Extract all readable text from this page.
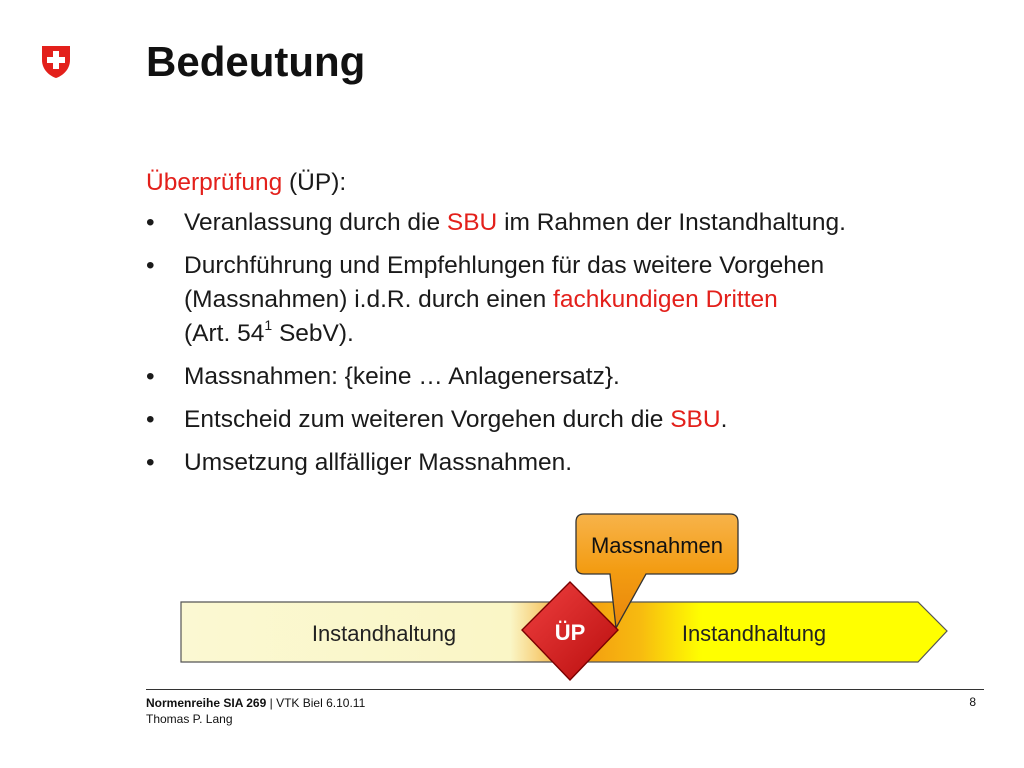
Bedeutung

Überprüfung (ÜP):

• Veranlassung durch die SBU im Rahmen der Instandhaltung.
• Durchführung und Empfehlungen für das weitere Vorgehen
(Massnahmen) i.d.R. durch einen fachkundigen Dritten
(Art. $54^1$ SebV).
• Massnahmen: {keine … Anlagenersatz}.
• Entscheid zum weiteren Vorgehen durch die SBU.
• Umsetzung allfälliger Massnahmen.
Instandhaltung	Instandhaltung
Massnahmen
ÜP
Normenreihe SIA 269 | VTK Biel 6.10.11
Thomas P. Lang
8
